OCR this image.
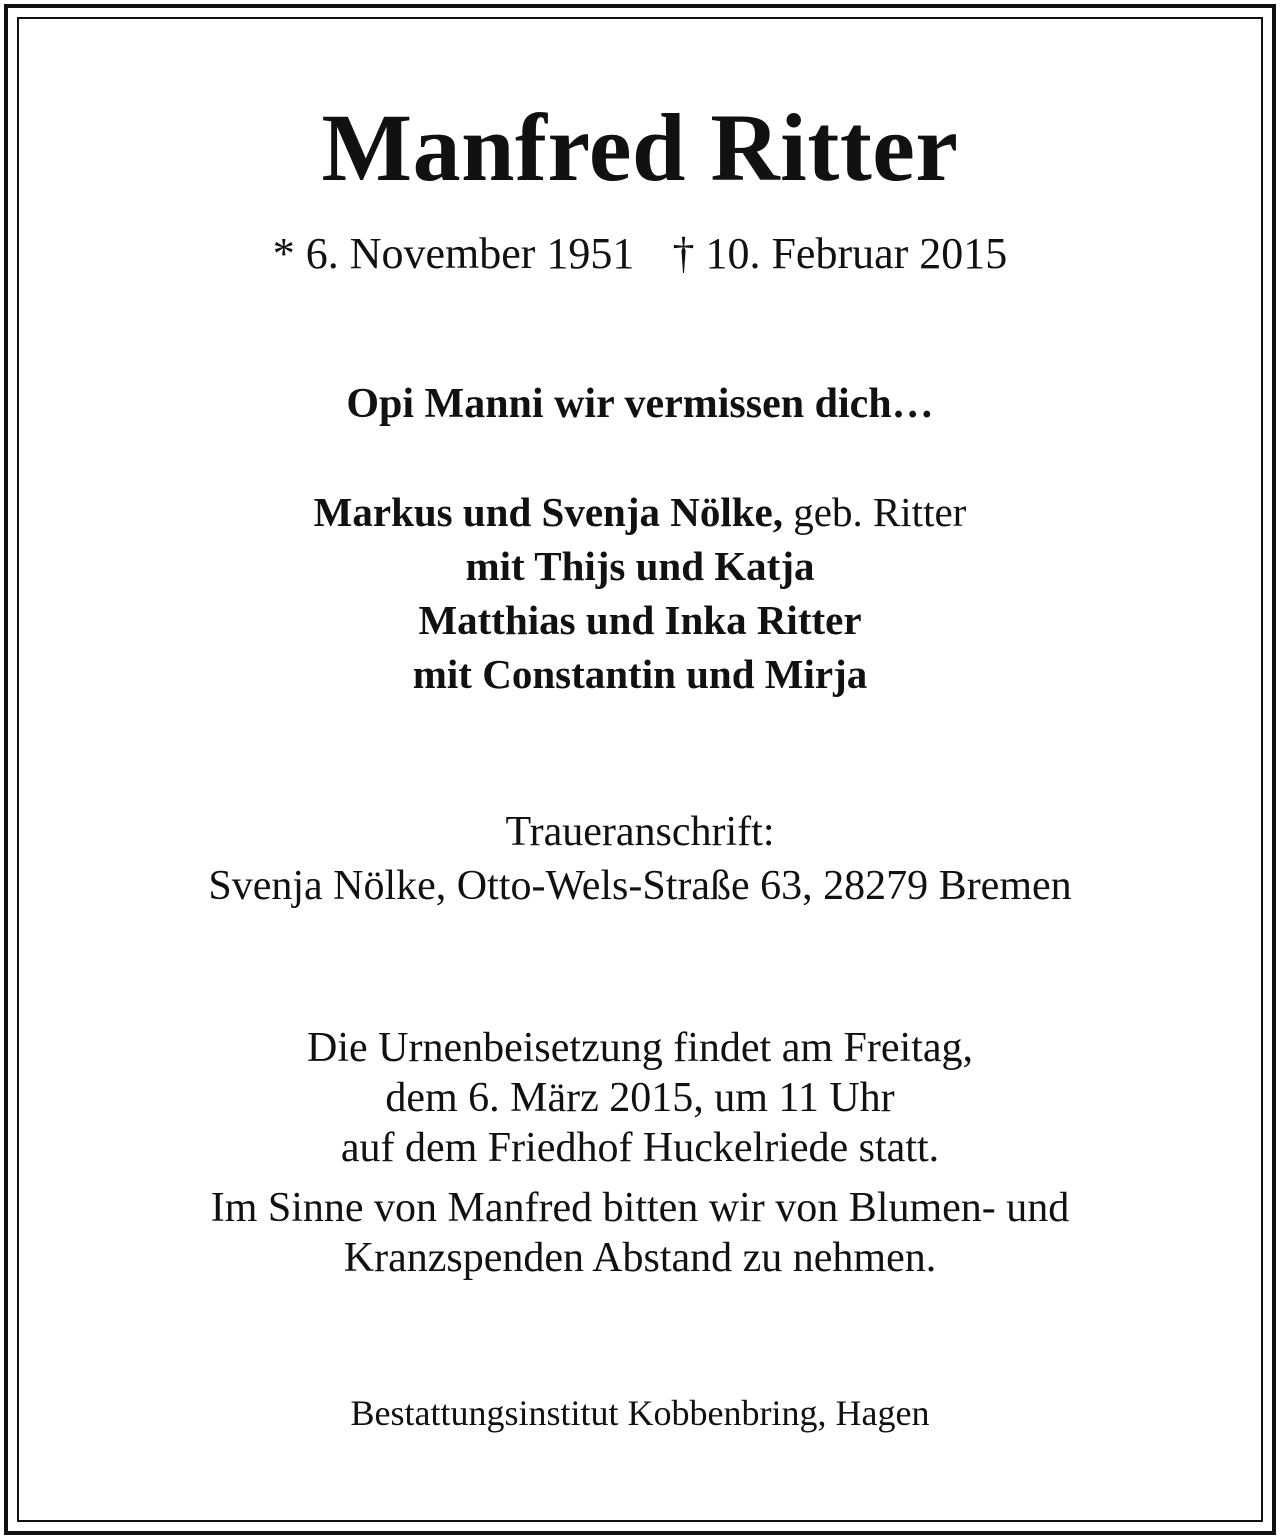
Manfred Ritter
* 6. November 1951 † 10. Februar 2015
Opi Manni wir vermissen dich…
Markus und Svenja Nölke, geb. Ritter
mit Thijs und Katja
Matthias und Inka Ritter
mit Constantin und Mirja
Traueranschrift:
Svenja Nölke, Otto-Wels-Straße 63, 28279 Bremen
Die Urnenbeisetzung findet am Freitag,
dem 6. März 2015, um 11 Uhr
auf dem Friedhof Huckelriede statt.
Im Sinne von Manfred bitten wir von Blumen- und
Kranzspenden Abstand zu nehmen.
Bestattungsinstitut Kobbenbring, Hagen
